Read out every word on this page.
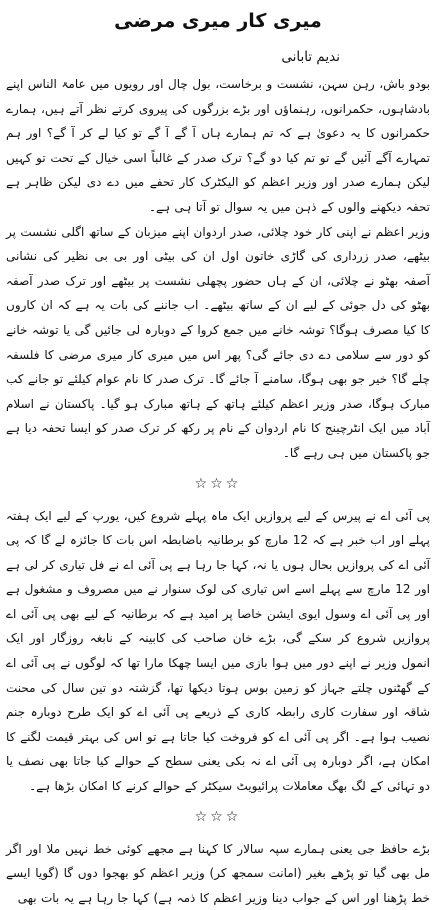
میری کار میری مرضی
ندیم تابانی

بودو باش، رہن سہن، نشست و برخاست، بول چال اور رویوں میں عامۃ الناس اپنے بادشاہوں، حکمرانوں، رہنماؤں اور بڑے بزرگوں کی پیروی کرتے نظر آتے ہیں، ہمارے حکمرانوں کا یہ دعویٰ ہے کہ تم ہمارے ہاں آ گے آ گے تو کیا لے کر آ گے؟ اور ہم تمہارے آگے آئیں گے تو تم کیا دو گے؟ ترک صدر کے غالباً اسی خیال کے تحت تو کہیں لیکن ہمارے صدر اور وزیر اعظم کو الیکٹرک کار تحفے میں دے دی لیکن ظاہر ہے تحفہ دیکھنے والوں کے ذہن میں یہ سوال تو آتا ہی ہے۔

وزیر اعظم نے اپنی کار خود چلائی، صدر اردوان اپنے میزبان کے ساتھ اگلی نشست پر بیٹھے، صدر زرداری کی گاڑی خاتون اول ان کی بیٹی اور بی بی نظیر کی نشانی آصفہ بھٹو نے چلائی، ان کے ہاں حضور پچھلی نشست پر بیٹھے اور ترک صدر آصفہ بھٹو کی دل جوئی کے لیے ان کے ساتھ بیٹھے۔ اب جاننے کی بات یہ ہے کہ ان کاروں کا کیا مصرف ہوگا؟ توشہ خانے میں جمع کروا کے دوبارہ لی جائیں گی یا توشہ خانے کو دور سے سلامی دے دی جائے گی؟ پھر اس میں میری کار میری مرضی کا فلسفہ چلے گا؟ خیر جو بھی ہوگا، سامنے آ جائے گا۔ ترک صدر کا نام عوام کیلئے تو جانے کب مبارک ہوگا، صدر وزیر اعظم کیلئے ہاتھ کے ہاتھ مبارک ہو گیا۔ پاکستان نے اسلام آباد میں ایک انٹرچینج کا نام اردوان کے نام پر رکھ کر ترک صدر کو ایسا تحفہ دیا ہے جو پاکستان میں ہی رہے گا۔

☆☆☆

پی آئی اے نے پیرس کے لیے پروازیں ایک ماہ پہلے شروع کیں، یورپ کے لیے ایک ہفتہ پہلے اور اب خبر ہے کہ 12 مارچ کو برطانیہ باضابطہ اس بات کا جائزہ لے گا کہ پی آئی اے کی پروازیں بحال ہوں یا نہ، کہا جا رہا ہے پی آئی اے نے فل تیاری کر لی ہے اور 12 مارچ سے پہلے اسے اس تیاری کی لوک سنوار نے میں مصروف و مشغول ہے اور پی آئی اے وسول ایوی ایشن خاصا پر امید ہے کہ برطانیہ کے لیے بھی پی آئی اے پروازیں شروع کر سکے گی، بڑے خان صاحب کی کابینہ کے نابغہ روزگار اور ایک انمول وزیر نے اپنے دور میں ہوا بازی میں ایسا چھکا مارا تھا کہ لوگوں نے پی آئی اے کے گھٹنوں چلتے جہاز کو زمین بوس ہوتا دیکھا تھا، گزشتہ دو تین سال کی محنت شاقہ اور سفارت کاری رابطہ کاری کے ذریعے پی آئی اے کو ایک طرح دوبارہ جنم نصیب ہوا ہے۔ اگر پی آئی اے کو فروخت کیا جاتا ہے تو اس کی بہتر قیمت لگنے کا امکان ہے، اگر دوبارہ پی آئی اے نہ بکی یعنی سطح کے حوالے کیا جاتا بھی نصف یا دو تہائی کے لگ بھگ معاملات پرائیویٹ سیکٹر کے حوالے کرنے کا امکان بڑھا ہے۔

☆☆☆

بڑے حافظ جی یعنی ہمارے سپہ سالار کا کہنا ہے مجھے کوئی خط نہیں ملا اور اگر مل بھی گیا تو پڑھے بغیر (امانت سمجھ کر) وزیر اعظم کو بھجوا دوں گا (گویا ایسے خط پڑھنا اور اس کے جواب دینا وزیر اعظم کا ذمہ ہے) کہا جا رہا ہے یہ بات بھی
